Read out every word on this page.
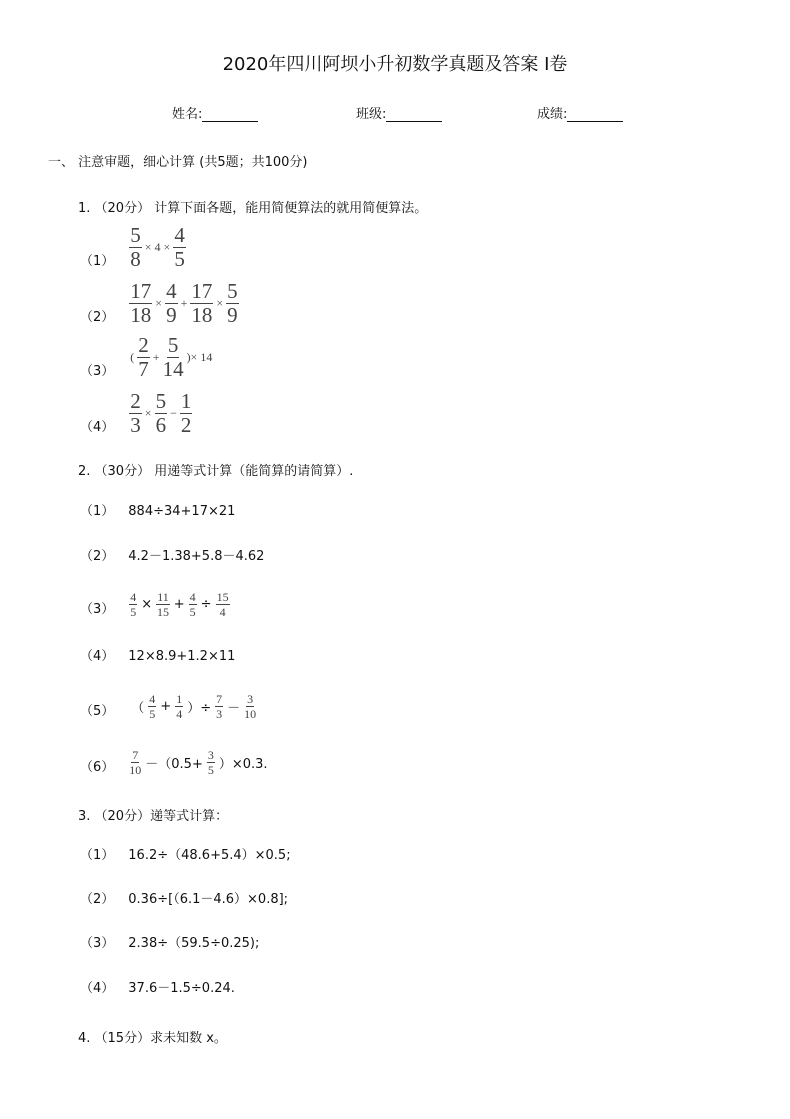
2020年四川阿坝小升初数学真题及答案 I卷
姓名:	班级:	成绩:
一、 注意审题，细心计算 (共5题；共100分)
1. （20分） 计算下面各题，能用简便算法的就用简便算法。
2. （30分） 用递等式计算（能简算的请简算）.
3. （20分）递等式计算：
4. （15分）求未知数 x。
$(1) \frac{5}{8} \times 4 \times \frac{4}{5}$
$(2) \frac{17}{18} \times \frac{4}{9} + \frac{17}{18} \times \frac{5}{9}$
（3）
( $\frac{2}{7} + \frac{5}{14}$ )× 14
$(4) \frac{2}{3} \times \frac{5}{6} - \frac{1}{2}$
（1） 884÷34+17×21
（2） 4.2－1.38+5.8－4.62
$(3) \frac{4}{5} \times \frac{11}{15} + \frac{4}{5} \div \frac{15}{4}$
（4） 12×8.9+1.2×11
（5） （ $\frac{4}{5} + \frac{1}{4}$ ）÷ $\frac{7}{3} - \frac{3}{10}$
$(6) \frac{7}{10} -(0.5+ \frac{3}{5} )\times 0.3$.
（1） 16.2÷（48.6+5.4）×0.5;
（2） 0.36÷[（6.1－4.6）×0.8];
（3） 2.38÷（59.5÷0.25);
（4） 37.6－1.5÷0.24.
